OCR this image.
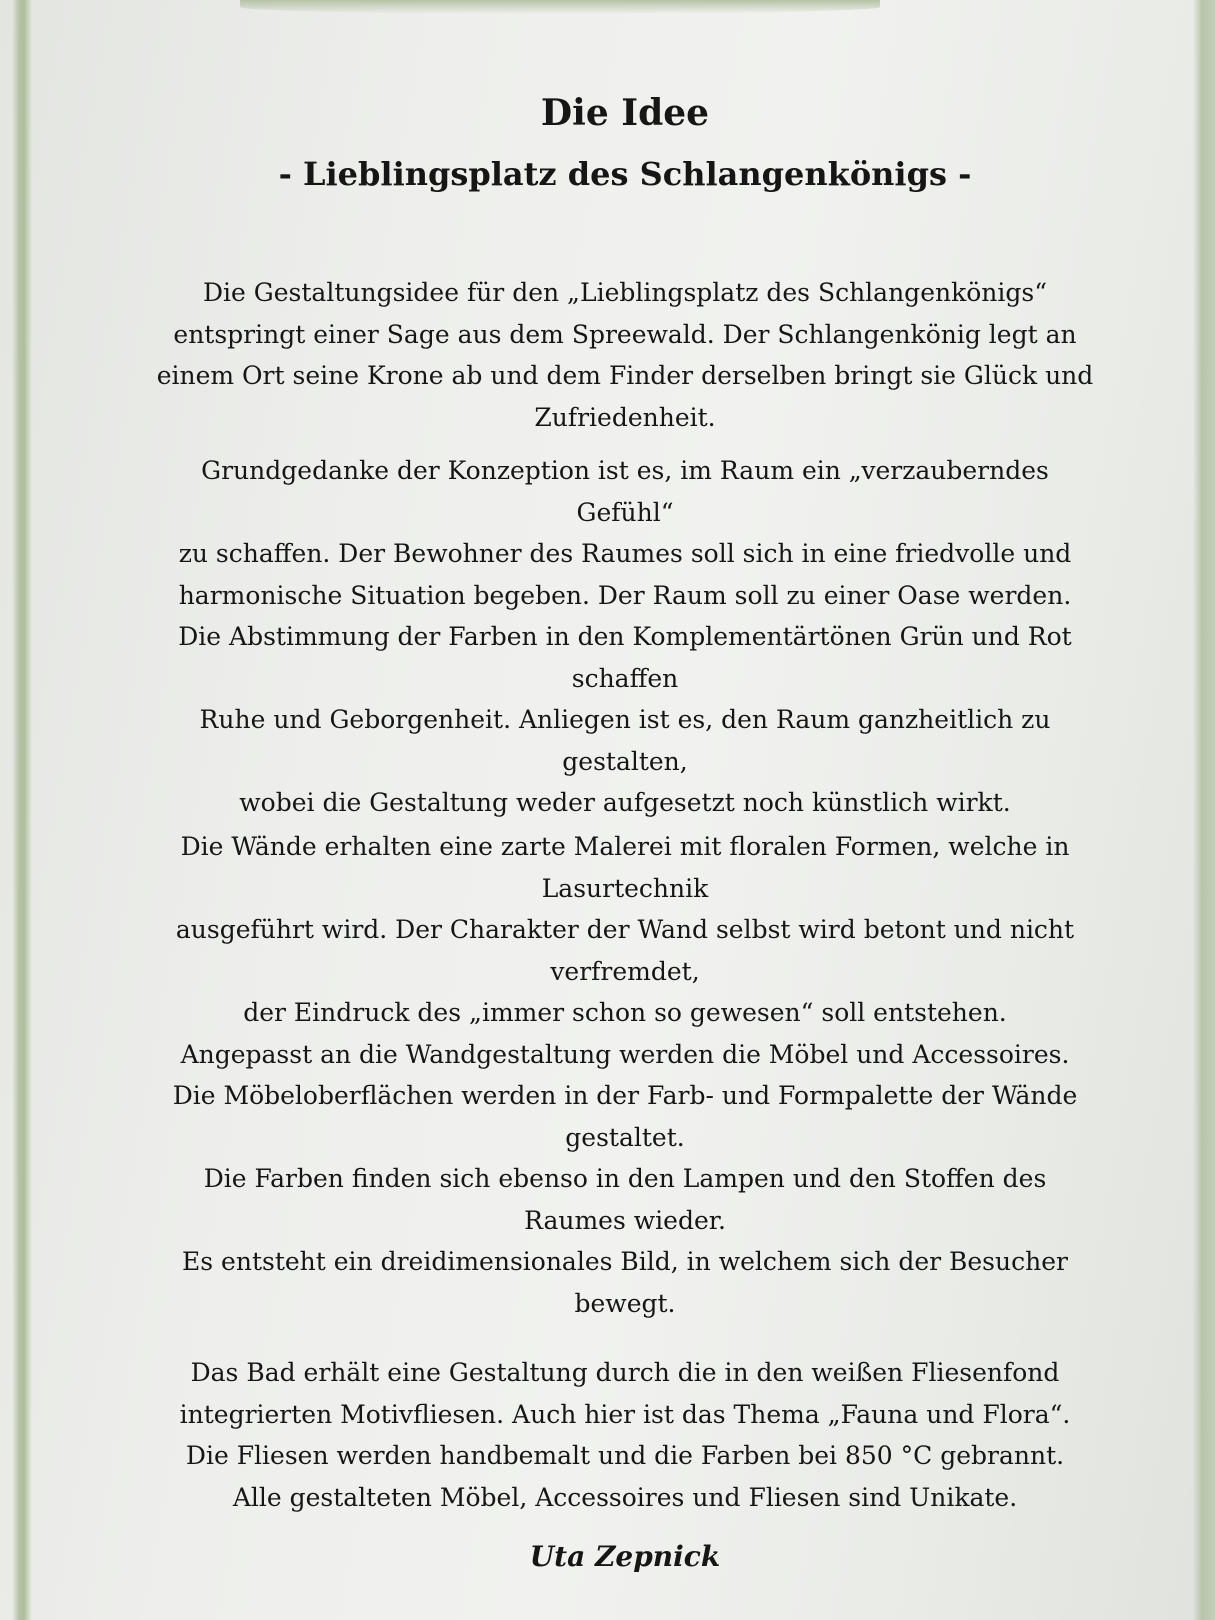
Die Idee
- Lieblingsplatz des Schlangenkönigs -

Die Gestaltungsidee für den „Lieblingsplatz des Schlangenkönigs“
entspringt einer Sage aus dem Spreewald. Der Schlangenkönig legt an
einem Ort seine Krone ab und dem Finder derselben bringt sie Glück und
Zufriedenheit.

Grundgedanke der Konzeption ist es, im Raum ein „verzauberndes
Gefühl“
zu schaffen. Der Bewohner des Raumes soll sich in eine friedvolle und
harmonische Situation begeben. Der Raum soll zu einer Oase werden.
Die Abstimmung der Farben in den Komplementärtönen Grün und Rot
schaffen
Ruhe und Geborgenheit. Anliegen ist es, den Raum ganzheitlich zu
gestalten,
wobei die Gestaltung weder aufgesetzt noch künstlich wirkt.

Die Wände erhalten eine zarte Malerei mit floralen Formen, welche in
Lasurtechnik
ausgeführt wird. Der Charakter der Wand selbst wird betont und nicht
verfremdet,
der Eindruck des „immer schon so gewesen“ soll entstehen.
Angepasst an die Wandgestaltung werden die Möbel und Accessoires.
Die Möbeloberflächen werden in der Farb- und Formpalette der Wände
gestaltet.
Die Farben finden sich ebenso in den Lampen und den Stoffen des
Raumes wieder.
Es entsteht ein dreidimensionales Bild, in welchem sich der Besucher
bewegt.

Das Bad erhält eine Gestaltung durch die in den weißen Fliesenfond
integrierten Motivfliesen. Auch hier ist das Thema „Fauna und Flora“.
Die Fliesen werden handbemalt und die Farben bei 850 °C gebrannt.
Alle gestalteten Möbel, Accessoires und Fliesen sind Unikate.

Uta Zepnick
